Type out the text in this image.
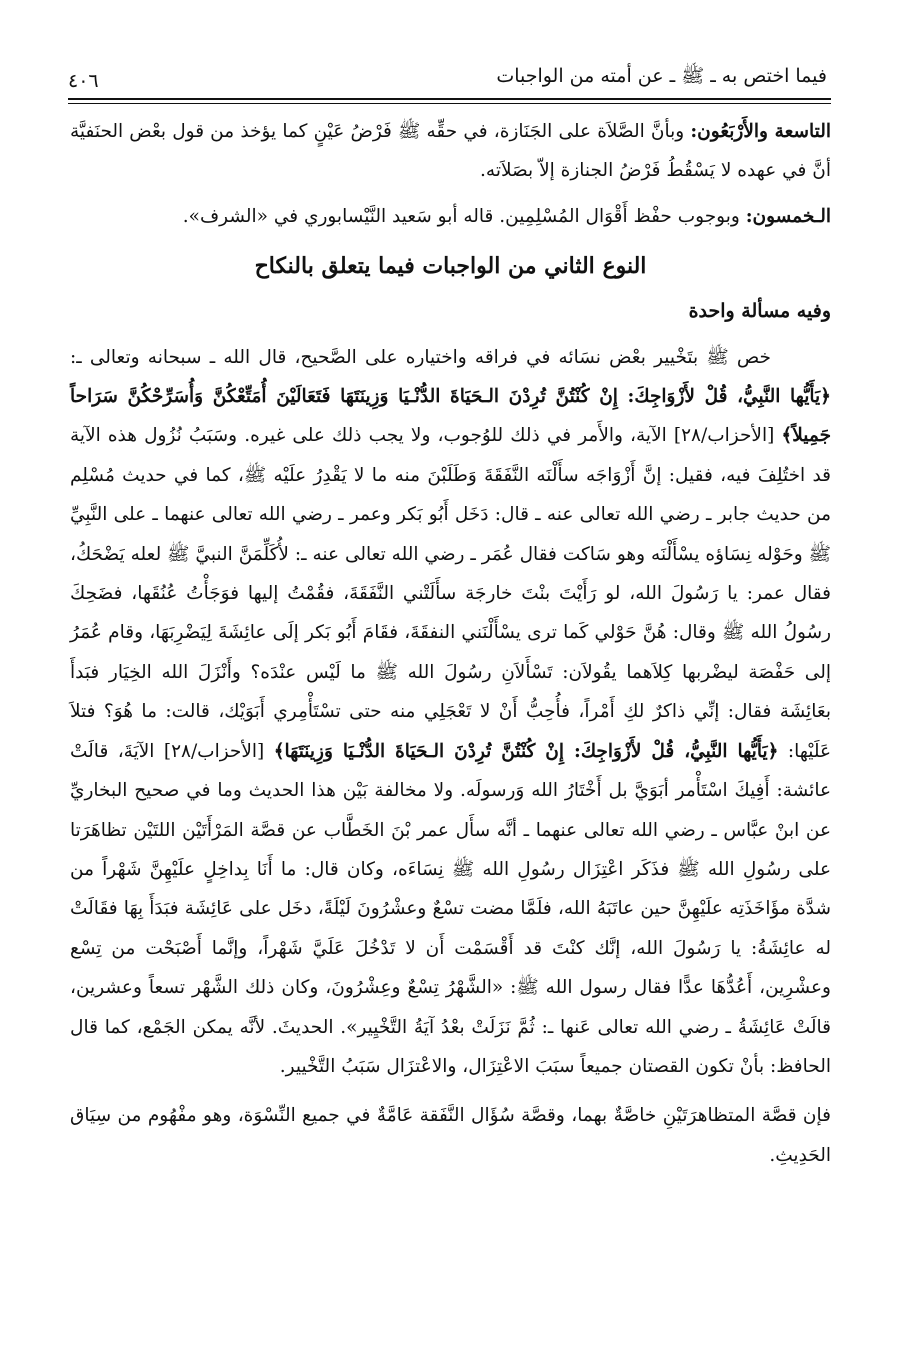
فيما اختص به ـ ﷺ ـ عن أمته من الواجبات
٤٠٦

التاسعة والأَرْبَعُون: وبأنَّ الصَّلاَة على الجَنَازة، في حقِّه ﷺ فَرْضُ عَيْنٍ كما يؤخذ من قول بعْض الحنَفيَّة أنَّ في عهده لا يَسْقُطُ فَرْضُ الجنازة إلاّ بصَلاَته.

الـخمسون: وبوجوب حفْظ أَقْوَال المُسْلِمِين. قاله أبو سَعيد النَّيْسابوري في «الشرف».

النوع الثاني من الواجبات فيما يتعلق بالنكاح

وفيه مسألة واحدة

خص ﷺ بتَخْيير بعْض نسَائه في فراقه واختياره على الصَّحيح، قال الله ـ سبحانه وتعالى ـ: ﴿يَأَيُّها النَّبِيُّ، قُلْ لأَزْوَاجِكَ: إِنْ كُنْتُنَّ تُرِدْنَ الـحَيَاةَ الدُّنْـيَا وَزِينَتَهَا فَتَعَالَيْنَ أُمَتِّعْكُنَّ وَأُسَرِّحْكُنَّ سَرَاحاً جَمِيلاً﴾ [الأحزاب/٢٨] الآية، والأَمر في ذلك للوُجوب، ولا يجب ذلك على غيره. وسَبَبُ نُزُول هذه الآية قد اختُلِفَ فيه، فقيل: إنَّ أَزْوَاجَه سأَلْنَه النَّفَقَةَ وَطَلَبْنَ منه ما لا يَقْدِرُ علَيْه ﷺ، كما في حديث مُسْلِم من حديث جابر ـ رضي الله تعالى عنه ـ قال: دَخَل أَبُو بَكر وعمر ـ رضي الله تعالى عنهما ـ على النَّبِيِّ ﷺ وحَوْله نِسَاؤه يسْأَلْنَه وهو سَاكت فقال عُمَر ـ رضي الله تعالى عنه ـ: لأُكَلِّمَنَّ النبيَّ ﷺ لعله يَضْحَكُ، فقال عمر: يا رَسُولَ الله، لو رَأَيْتَ بنْتَ خارجَة سأَلَتْني النَّفَقَةَ، فقُمْتُ إليها فوَجَأْتُ عُنُقَها، فضَحِكَ رسُولُ الله ﷺ وقال: هُنَّ حَوْلي كَما ترى يسْأَلْنَني النفقَةَ، فقَامَ أَبُو بَكر إلَى عائِشَةَ لِيَضْرِبَهَا، وقام عُمَرُ إلى حَفْصَة ليضْربها كِلاَهما يقُولاَن: تَسْأَلاَنِ رسُولَ الله ﷺ ما لَيْس عنْدَه؟ وأَنْزَلَ الله الخِيَار فبَدأَ بعَائِشَة فقال: إنِّي ذاكرٌ لكِ أَمْراً، فأُحِبُّ أَنْ لا تَعْجَلِي منه حتى تسْتَأْمِري أَبَوَيْك، قالت: ما هُوَ؟ فتلاَ عَلَيْها: ﴿يَأَيُّها النَّبِيُّ، قُلْ لأَزْوَاجِكَ: إِنْ كُنْتُنَّ تُرِدْنَ الـحَيَاةَ الدُّنْـيَا وَزِينَتَهَا﴾ [الأحزاب/٢٨] الآيَةَ، قالَتْ عائشة: أَفِيكَ اسْتَأْمر أبَوَيَّ بل أَخْتَارُ الله وَرسولَه. ولا مخالفة بَيْن هذا الحديث وما في صحيح البخاريِّ عن ابنْ عبَّاس ـ رضي الله تعالى عنهما ـ أنَّه سأَل عمر بْنَ الخَطَّاب عن قصَّة المَرْأَتَيْن اللتَيْن تظاهَرَتا على رسُولِ الله ﷺ فذَكَر اعْتِزَال رسُولِ الله ﷺ نِسَاءَه، وكان قال: ما أَنَا بِداخِلٍ علَيْهِنَّ شَهْراً من شدَّة مؤَاخَذَتِه علَيْهِنَّ حين عاتَبَهُ الله، فلَمَّا مضت تسْعٌ وعشْرُونَ لَيْلَةً، دخَل على عَائِشَة فبَدَأَ بِهَا فقَالَتْ له عائِشَةُ: يا رَسُولَ الله، إنَّك كنْتَ قد أَقْسَمْت أَن لا تَدْخُلَ عَلَيَّ شَهْراً، وإنَّما أَصْبَحْت من تِسْع وعشْرِين، أَعُدُّهَا عدًّا فقال رسول الله ﷺ: «الشَّهْرُ تِسْعٌ وعِشْرُونَ، وكان ذلك الشَّهْر تسعاً وعشرين، قالَتْ عَائِشَةُ ـ رضي الله تعالى عَنها ـ: ثُمَّ نَزَلَتْ بعْدُ آيَةُ التَّخْيِير». الحديثَ. لأنَّه يمكن الجَمْع، كما قال الحافظ: بأنْ تكون القصتان جميعاً سبَبَ الاعْتِزَال، والاعْتزَال سَبَبُ التَّخْيير.

فإن قصَّة المتظاهرَتَيْنِ خاصَّةٌ بهما، وقصَّة سُؤَال النَّفَقة عَامَّةٌ في جميع النِّسْوَة، وهو مفْهُوم من سِيَاق الحَدِيثِ.
